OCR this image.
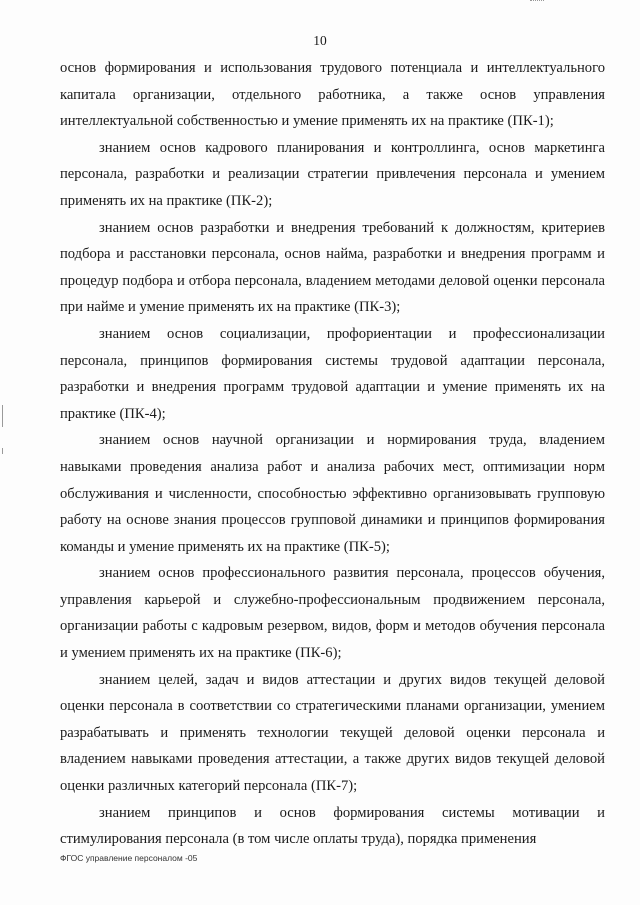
10

основ формирования и использования трудового потенциала и интеллектуального капитала организации, отдельного работника, а также основ управления интеллектуальной собственностью и умение применять их на практике (ПК-1);

знанием основ кадрового планирования и контроллинга, основ маркетинга персонала, разработки и реализации стратегии привлечения персонала и умением применять их на практике (ПК-2);

знанием основ разработки и внедрения требований к должностям, критериев подбора и расстановки персонала, основ найма, разработки и внедрения программ и процедур подбора и отбора персонала, владением методами деловой оценки персонала при найме и умение применять их на практике (ПК-3);

знанием основ социализации, профориентации и профессионализации персонала, принципов формирования системы трудовой адаптации персонала, разработки и внедрения программ трудовой адаптации и умение применять их на практике (ПК-4);

знанием основ научной организации и нормирования труда, владением навыками проведения анализа работ и анализа рабочих мест, оптимизации норм обслуживания и численности, способностью эффективно организовывать групповую работу на основе знания процессов групповой динамики и принципов формирования команды и умение применять их на практике (ПК-5);

знанием основ профессионального развития персонала, процессов обучения, управления карьерой и служебно-профессиональным продвижением персонала, организации работы с кадровым резервом, видов, форм и методов обучения персонала и умением применять их на практике (ПК-6);

знанием целей, задач и видов аттестации и других видов текущей деловой оценки персонала в соответствии со стратегическими планами организации, умением разрабатывать и применять технологии текущей деловой оценки персонала и владением навыками проведения аттестации, а также других видов текущей деловой оценки различных категорий персонала (ПК-7);

знанием принципов и основ формирования системы мотивации и стимулирования персонала (в том числе оплаты труда), порядка применения

ФГОС управление персоналом -05
